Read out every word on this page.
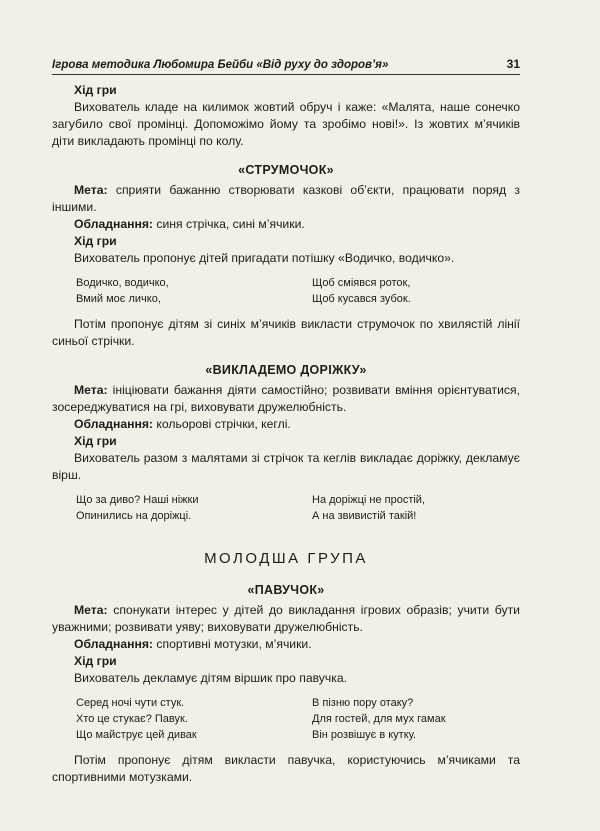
Ігрова методика Любомира Бейби «Від руху до здоров’я»	31

Хід гри

Вихователь кладе на килимок жовтий обруч і каже: «Малята, наше сонечко загубило свої промінці. Допоможімо йому та зробімо нові!». Із жовтих м’ячиків діти викладають промінці по колу.

«СТРУМОЧОК»

Мета: сприяти бажанню створювати казкові об’єкти, працювати поряд з іншими.

Обладнання: синя стрічка, сині м’ячики.

Хід гри

Вихователь пропонує дітей пригадати потішку «Водичко, водичко».

Водичко, водичко,
Вмий моє личко,
Щоб сміявся роток,
Щоб кусався зубок.

Потім пропонує дітям зі синіх м’ячиків викласти струмочок по хвилястій лінії синьої стрічки.

«ВИКЛАДЕМО ДОРІЖКУ»

Мета: ініціювати бажання діяти самостійно; розвивати вміння орієнтуватися, зосереджуватися на грі, виховувати дружелюбність.

Обладнання: кольорові стрічки, кеглі.

Хід гри

Вихователь разом з малятами зі стрічок та кеглів викладає доріжку, декламує вірш.

Що за диво? Наші ніжки
Опинились на доріжці.
На доріжці не простій,
А на звивистій такій!

МОЛОДША ГРУПА

«ПАВУЧОК»

Мета: спонукати інтерес у дітей до викладання ігрових образів; учити бути уважними; розвивати уяву; виховувати дружелюбність.

Обладнання: спортивні мотузки, м’ячики.

Хід гри

Вихователь декламує дітям віршик про павучка.

Серед ночі чути стук.
Хто це стукає? Павук.
Що майструє цей дивак
В пізню пору отаку?
Для гостей, для мух гамак
Він розвішує в кутку.

Потім пропонує дітям викласти павучка, користуючись м’ячиками та спортивними мотузками.
